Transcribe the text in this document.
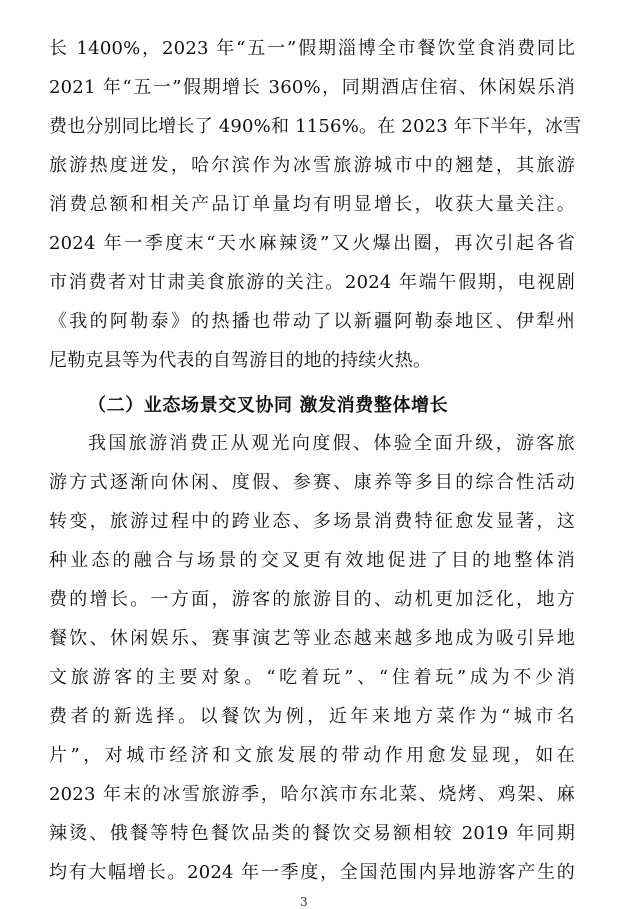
长 1400%，2023 年“五一”假期淄博全市餐饮堂食消费同比
2021 年“五一”假期增长 360%，同期酒店住宿、休闲娱乐消
费也分别同比增长了 490%和 1156%。在 2023 年下半年，冰雪
旅游热度迸发，哈尔滨作为冰雪旅游城市中的翘楚，其旅游
消费总额和相关产品订单量均有明显增长，收获大量关注。
2024 年一季度末“天水麻辣烫”又火爆出圈，再次引起各省
市消费者对甘肃美食旅游的关注。2024 年端午假期，电视剧
《我的阿勒泰》的热播也带动了以新疆阿勒泰地区、伊犁州
尼勒克县等为代表的自驾游目的地的持续火热。
（二）业态场景交叉协同 激发消费整体增长
我国旅游消费正从观光向度假、体验全面升级，游客旅
游方式逐渐向休闲、度假、参赛、康养等多目的综合性活动
转变，旅游过程中的跨业态、多场景消费特征愈发显著，这
种业态的融合与场景的交叉更有效地促进了目的地整体消
费的增长。一方面，游客的旅游目的、动机更加泛化，地方
餐饮、休闲娱乐、赛事演艺等业态越来越多地成为吸引异地
文旅游客的主要对象。“吃着玩”、“住着玩”成为不少消
费者的新选择。以餐饮为例，近年来地方菜作为“城市名
片”，对城市经济和文旅发展的带动作用愈发显现，如在
2023 年末的冰雪旅游季，哈尔滨市东北菜、烧烤、鸡架、麻
辣烫、俄餐等特色餐饮品类的餐饮交易额相较 2019 年同期
均有大幅增长。2024 年一季度，全国范围内异地游客产生的
3
